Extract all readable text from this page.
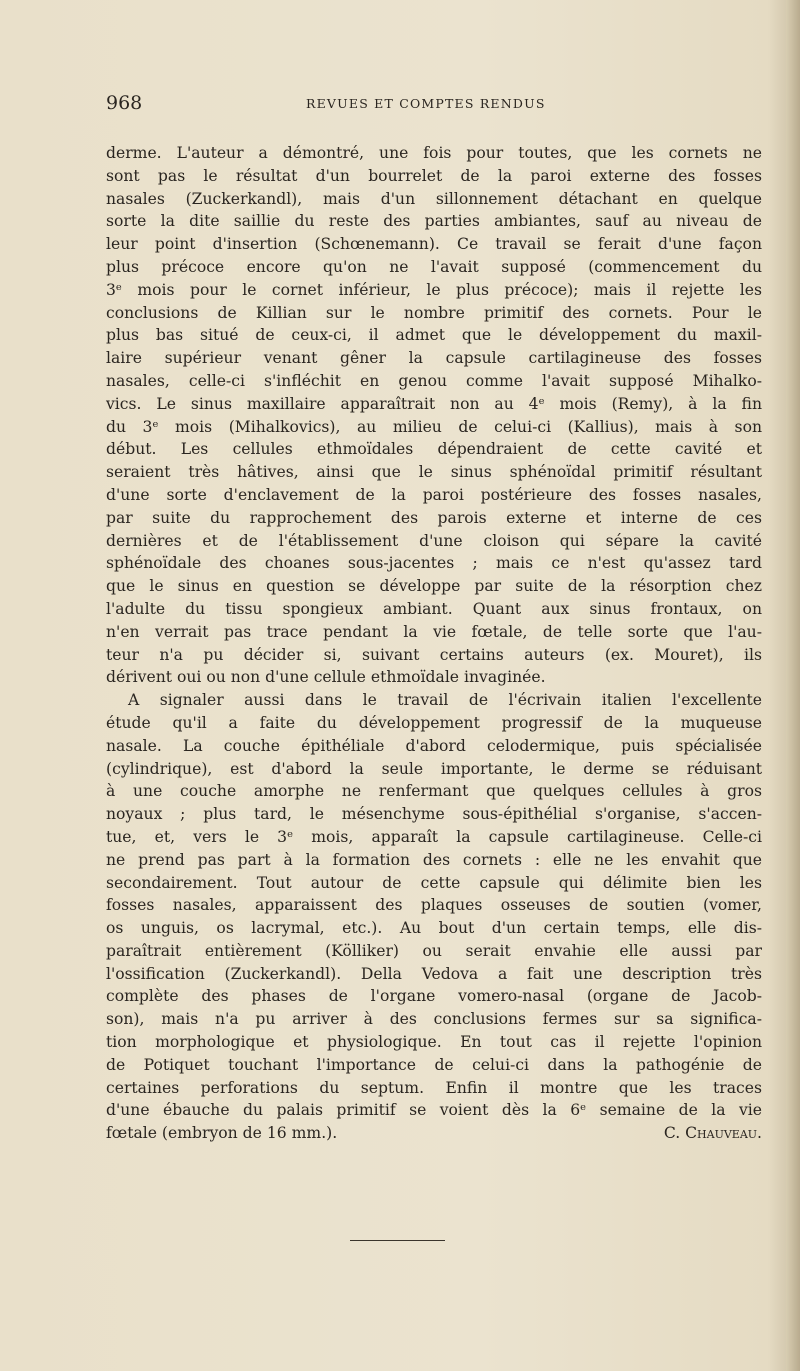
968	REVUES ET COMPTES RENDUS
derme. L'auteur a démontré, une fois pour toutes, que les cornets ne
sont pas le résultat d'un bourrelet de la paroi externe des fosses
nasales (Zuckerkandl), mais d'un sillonnement détachant en quelque
sorte la dite saillie du reste des parties ambiantes, sauf au niveau de
leur point d'insertion (Schœnemann). Ce travail se ferait d'une façon
plus précoce encore qu'on ne l'avait supposé (commencement du
3ᵉ mois pour le cornet inférieur, le plus précoce); mais il rejette les
conclusions de Killian sur le nombre primitif des cornets. Pour le
plus bas situé de ceux-ci, il admet que le développement du maxil-
laire supérieur venant gêner la capsule cartilagineuse des fosses
nasales, celle-ci s'infléchit en genou comme l'avait supposé Mihalko-
vics. Le sinus maxillaire apparaîtrait non au 4ᵉ mois (Remy), à la fin
du 3ᵉ mois (Mihalkovics), au milieu de celui-ci (Kallius), mais à son
début. Les cellules ethmoïdales dépendraient de cette cavité et
seraient très hâtives, ainsi que le sinus sphénoïdal primitif résultant
d'une sorte d'enclavement de la paroi postérieure des fosses nasales,
par suite du rapprochement des parois externe et interne de ces
dernières et de l'établissement d'une cloison qui sépare la cavité
sphénoïdale des choanes sous-jacentes ; mais ce n'est qu'assez tard
que le sinus en question se développe par suite de la résorption chez
l'adulte du tissu spongieux ambiant. Quant aux sinus frontaux, on
n'en verrait pas trace pendant la vie fœtale, de telle sorte que l'au-
teur n'a pu décider si, suivant certains auteurs (ex. Mouret), ils
dérivent oui ou non d'une cellule ethmoïdale invaginée.
A signaler aussi dans le travail de l'écrivain italien l'excellente
étude qu'il a faite du développement progressif de la muqueuse
nasale. La couche épithéliale d'abord celodermique, puis spécialisée
(cylindrique), est d'abord la seule importante, le derme se réduisant
à une couche amorphe ne renfermant que quelques cellules à gros
noyaux ; plus tard, le mésenchyme sous-épithélial s'organise, s'accen-
tue, et, vers le 3ᵉ mois, apparaît la capsule cartilagineuse. Celle-ci
ne prend pas part à la formation des cornets : elle ne les envahit que
secondairement. Tout autour de cette capsule qui délimite bien les
fosses nasales, apparaissent des plaques osseuses de soutien (vomer,
os unguis, os lacrymal, etc.). Au bout d'un certain temps, elle dis-
paraîtrait entièrement (Kölliker) ou serait envahie elle aussi par
l'ossification (Zuckerkandl). Della Vedova a fait une description très
complète des phases de l'organe vomero-nasal (organe de Jacob-
son), mais n'a pu arriver à des conclusions fermes sur sa significa-
tion morphologique et physiologique. En tout cas il rejette l'opinion
de Potiquet touchant l'importance de celui-ci dans la pathogénie de
certaines perforations du septum. Enfin il montre que les traces
d'une ébauche du palais primitif se voient dès la 6ᵉ semaine de la vie
C. Chauveau.
fœtale (embryon de 16 mm.).
